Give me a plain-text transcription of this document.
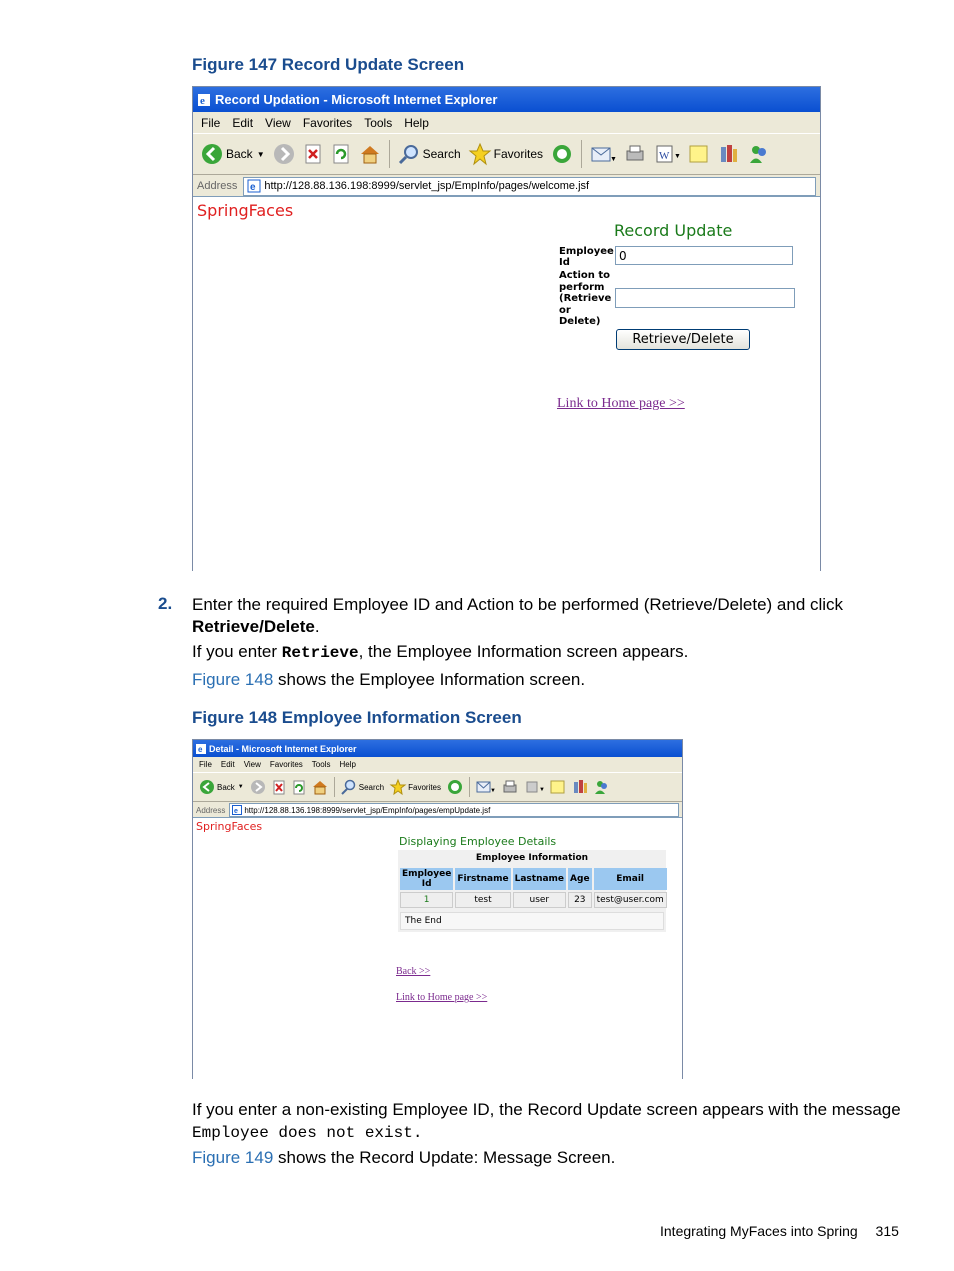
Figure 147 Record Update Screen
e Record Updation - Microsoft Internet Explorer
File Edit View Favorites Tools Help
Back ▼	Search	Favorites	▼	W ▼
Address e http://128.88.136.198:8999/servlet_jsp/EmpInfo/pages/welcome.jsf
SpringFaces
Record Update
Employee Id	0
Action to perform (Retrieve or Delete)
Retrieve/Delete
Link to Home page >>
2. Enter the required Employee ID and Action to be performed (Retrieve/Delete) and click
Retrieve/Delete.
If you enter Retrieve, the Employee Information screen appears.
Figure 148 shows the Employee Information screen.
Figure 148 Employee Information Screen
e Detail - Microsoft Internet Explorer
File Edit View Favorites Tools Help
Back ▼	Search	Favorites	▼	▼
Address e http://128.88.136.198:8999/servlet_jsp/EmpInfo/pages/empUpdate.jsf
SpringFaces
Displaying Employee Details
Employee Information
Employee Id	Firstname	Lastname	Age	Email
1	test	user	23	test@user.com
The End
Back >>
Link to Home page >>
If you enter a non-existing Employee ID, the Record Update screen appears with the message
Employee does not exist.
Figure 149 shows the Record Update: Message Screen.
Integrating MyFaces into Spring 315
